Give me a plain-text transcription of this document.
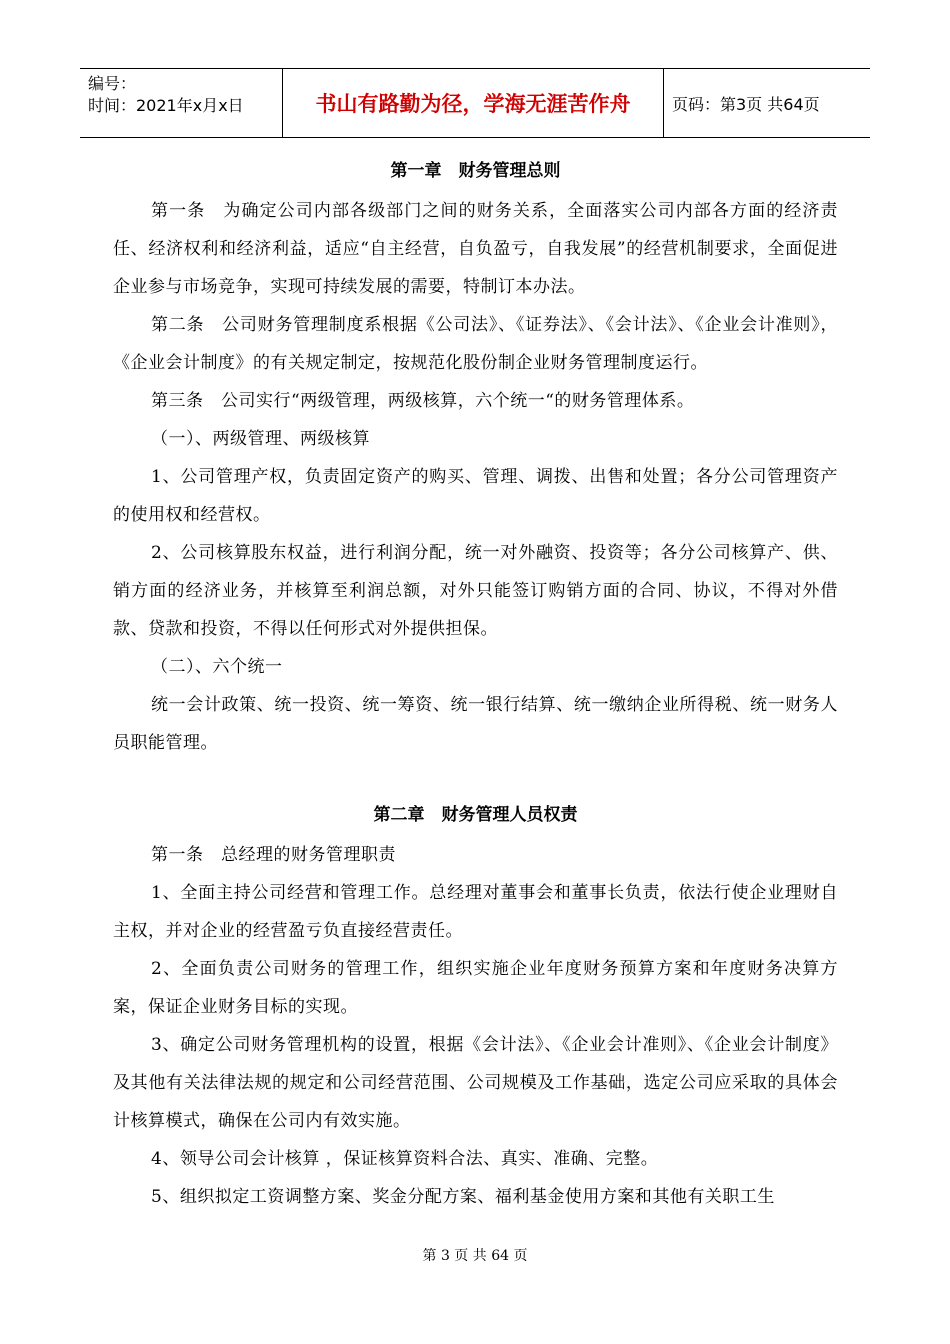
编号：
时间：2021年x月x日	书山有路勤为径，学海无涯苦作舟	页码：第3页 共64页
第一章　财务管理总则
第一条　为确定公司内部各级部门之间的财务关系，全面落实公司内部各方面的经济责任、经济权利和经济利益，适应“自主经营，自负盈亏，自我发展”的经营机制要求，全面促进企业参与市场竞争，实现可持续发展的需要，特制订本办法。
第二条　公司财务管理制度系根据《公司法》、《证券法》、《会计法》、《企业会计准则》，《企业会计制度》的有关规定制定，按规范化股份制企业财务管理制度运行。
第三条　公司实行“两级管理，两级核算，六个统一“的财务管理体系。
（一）、两级管理、两级核算
1、公司管理产权，负责固定资产的购买、管理、调拨、出售和处置；各分公司管理资产的使用权和经营权。
2、公司核算股东权益，进行利润分配，统一对外融资、投资等；各分公司核算产、供、销方面的经济业务，并核算至利润总额，对外只能签订购销方面的合同、协议，不得对外借款、贷款和投资，不得以任何形式对外提供担保。
（二）、六个统一
统一会计政策、统一投资、统一筹资、统一银行结算、统一缴纳企业所得税、统一财务人员职能管理。
第二章　财务管理人员权责
第一条　总经理的财务管理职责
1、全面主持公司经营和管理工作。总经理对董事会和董事长负责，依法行使企业理财自主权，并对企业的经营盈亏负直接经营责任。
2、全面负责公司财务的管理工作，组织实施企业年度财务预算方案和年度财务决算方案，保证企业财务目标的实现。
3、确定公司财务管理机构的设置，根据《会计法》、《企业会计准则》、《企业会计制度》及其他有关法律法规的规定和公司经营范围、公司规模及工作基础，选定公司应采取的具体会计核算模式，确保在公司内有效实施。
4、领导公司会计核算 ，保证核算资料合法、真实、准确、完整。
5、组织拟定工资调整方案、奖金分配方案、福利基金使用方案和其他有关职工生
第 3 页 共 64 页
